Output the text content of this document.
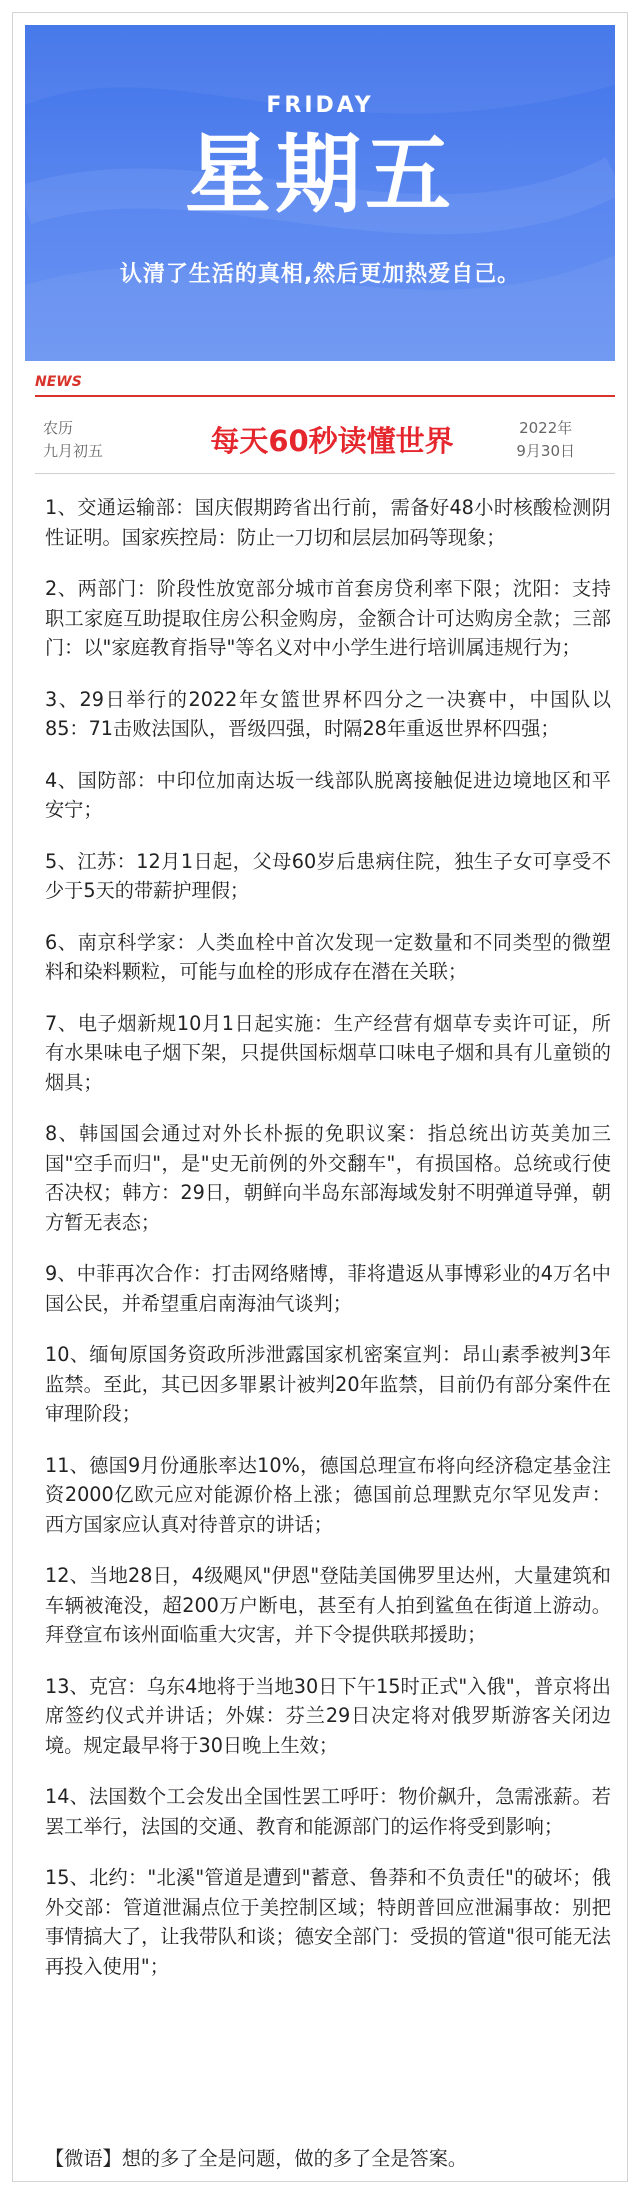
FRIDAY
星期五
认清了生活的真相,然后更加热爱自己。
NEWS
农历
九月初五	每天60秒读懂世界	2022年
9月30日

1、交通运输部：国庆假期跨省出行前，需备好48小时核酸检测阴性证明。国家疾控局：防止一刀切和层层加码等现象；

2、两部门：阶段性放宽部分城市首套房贷利率下限；沈阳：支持职工家庭互助提取住房公积金购房，金额合计可达购房全款；三部门：以"家庭教育指导"等名义对中小学生进行培训属违规行为；

3、29日举行的2022年女篮世界杯四分之一决赛中，中国队以85：71击败法国队，晋级四强，时隔28年重返世界杯四强；

4、国防部：中印位加南达坂一线部队脱离接触促进边境地区和平安宁；

5、江苏：12月1日起，父母60岁后患病住院，独生子女可享受不少于5天的带薪护理假；

6、南京科学家：人类血栓中首次发现一定数量和不同类型的微塑料和染料颗粒，可能与血栓的形成存在潜在关联；

7、电子烟新规10月1日起实施：生产经营有烟草专卖许可证，所有水果味电子烟下架，只提供国标烟草口味电子烟和具有儿童锁的烟具；

8、韩国国会通过对外长朴振的免职议案：指总统出访英美加三国"空手而归"，是"史无前例的外交翻车"，有损国格。总统或行使否决权；韩方：29日，朝鲜向半岛东部海域发射不明弹道导弹，朝方暂无表态；

9、中菲再次合作：打击网络赌博，菲将遣返从事博彩业的4万名中国公民，并希望重启南海油气谈判；

10、缅甸原国务资政所涉泄露国家机密案宣判：昂山素季被判3年监禁。至此，其已因多罪累计被判20年监禁，目前仍有部分案件在审理阶段；

11、德国9月份通胀率达10%，德国总理宣布将向经济稳定基金注资2000亿欧元应对能源价格上涨；德国前总理默克尔罕见发声：西方国家应认真对待普京的讲话；

12、当地28日，4级飓风"伊恩"登陆美国佛罗里达州，大量建筑和车辆被淹没，超200万户断电，甚至有人拍到鲨鱼在街道上游动。拜登宣布该州面临重大灾害，并下令提供联邦援助；

13、克宫：乌东4地将于当地30日下午15时正式"入俄"，普京将出席签约仪式并讲话；外媒：芬兰29日决定将对俄罗斯游客关闭边境。规定最早将于30日晚上生效；

14、法国数个工会发出全国性罢工呼吁：物价飙升，急需涨薪。若罢工举行，法国的交通、教育和能源部门的运作将受到影响；

15、北约："北溪"管道是遭到"蓄意、鲁莽和不负责任"的破坏；俄外交部：管道泄漏点位于美控制区域；特朗普回应泄漏事故：别把事情搞大了，让我带队和谈；德安全部门：受损的管道"很可能无法再投入使用"；

【微语】想的多了全是问题，做的多了全是答案。
